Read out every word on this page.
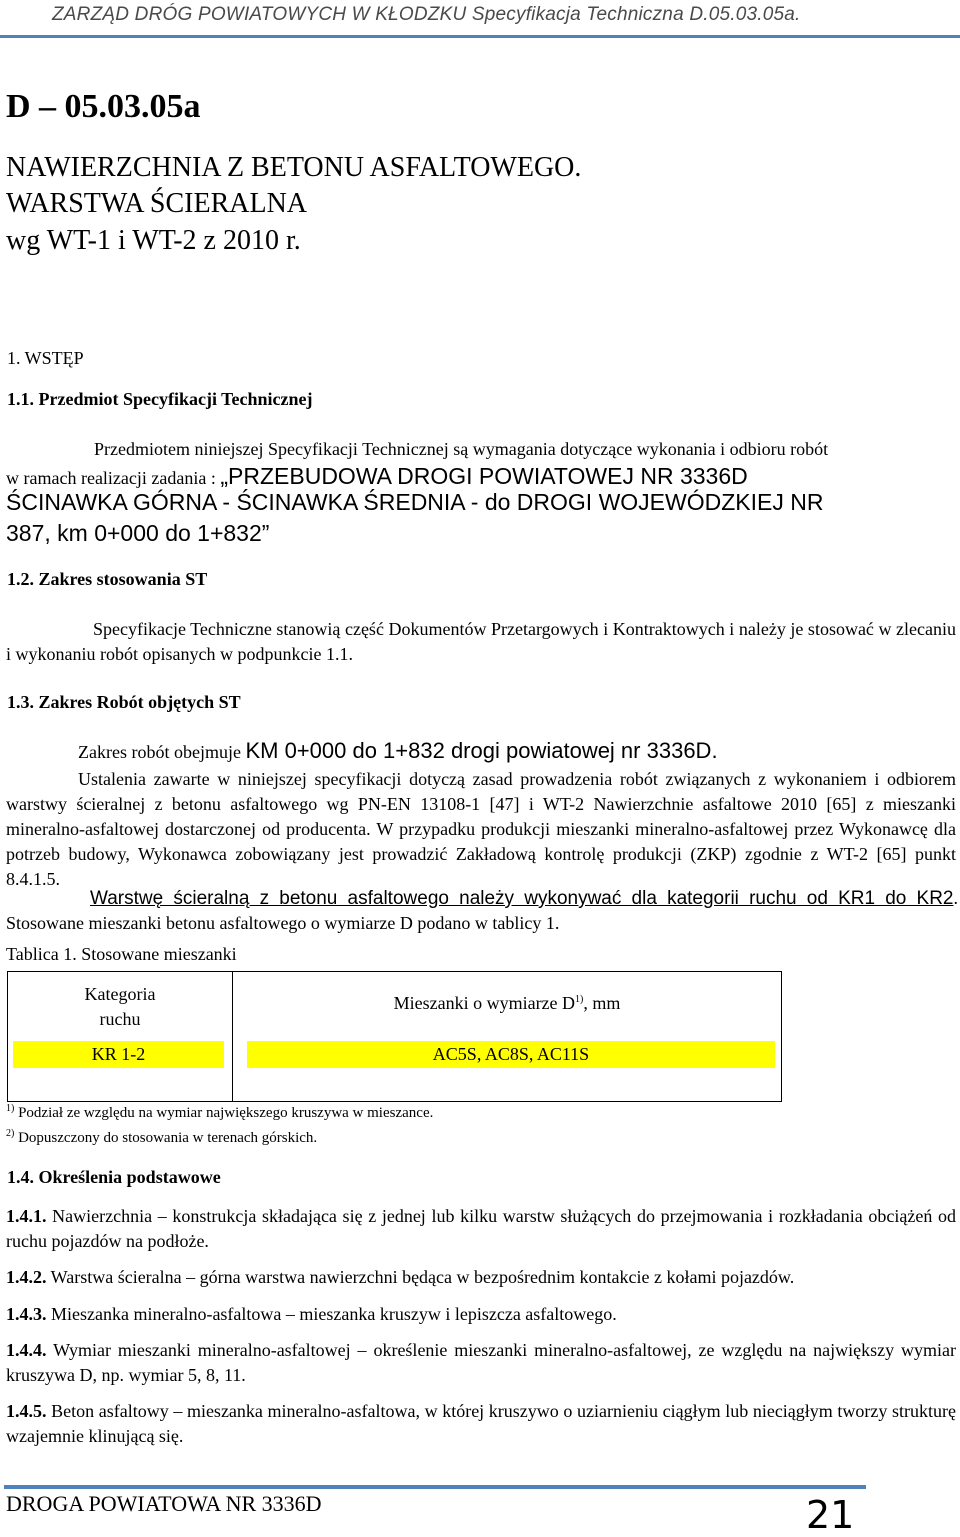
ZARZĄD DRÓG POWIATOWYCH W KŁODZKU Specyfikacja Techniczna D.05.03.05a.
D – 05.03.05a
NAWIERZCHNIA Z BETONU ASFALTOWEGO.
WARSTWA ŚCIERALNA
wg WT-1 i WT-2 z 2010 r.
1. WSTĘP
1.1. Przedmiot Specyfikacji Technicznej
Przedmiotem niniejszej Specyfikacji Technicznej są wymagania dotyczące wykonania i odbioru robót
w ramach realizacji zadania : „PRZEBUDOWA DROGI POWIATOWEJ NR 3336D
ŚCINAWKA GÓRNA - ŚCINAWKA ŚREDNIA - do DROGI WOJEWÓDZKIEJ NR
387, km 0+000 do 1+832”
1.2. Zakres stosowania ST
Specyfikacje Techniczne stanowią część Dokumentów Przetargowych i Kontraktowych i należy je stosować w zlecaniu i wykonaniu robót opisanych w podpunkcie 1.1.
1.3. Zakres Robót objętych ST
Zakres robót obejmuje KM 0+000 do 1+832 drogi powiatowej nr 3336D.
Ustalenia zawarte w niniejszej specyfikacji dotyczą zasad prowadzenia robót związanych z wykonaniem i odbiorem warstwy ścieralnej z betonu asfaltowego wg PN-EN 13108-1 [47] i WT-2 Nawierzchnie asfaltowe 2010 [65] z mieszanki mineralno-asfaltowej dostarczonej od producenta. W przypadku produkcji mieszanki mineralno-asfaltowej przez Wykonawcę dla potrzeb budowy, Wykonawca zobowiązany jest prowadzić Zakładową kontrolę produkcji (ZKP) zgodnie z WT-2 [65] punkt 8.4.1.5.
Warstwę ścieralną z betonu asfaltowego należy wykonywać dla kategorii ruchu od KR1 do KR2. Stosowane mieszanki betonu asfaltowego o wymiarze D podano w tablicy 1.
Tablica 1. Stosowane mieszanki
Kategoria
ruchu
Mieszanki o wymiarze $D^{1)}$, mm
KR 1-2	AC5S, AC8S, AC11S
$^{1)}$ Podział ze względu na wymiar największego kruszywa w mieszance.
$^{2)}$ Dopuszczony do stosowania w terenach górskich.
1.4. Określenia podstawowe
1.4.1. Nawierzchnia – konstrukcja składająca się z jednej lub kilku warstw służących do przejmowania i rozkładania obciążeń od ruchu pojazdów na podłoże.
1.4.2. Warstwa ścieralna – górna warstwa nawierzchni będąca w bezpośrednim kontakcie z kołami pojazdów.
1.4.3. Mieszanka mineralno-asfaltowa – mieszanka kruszyw i lepiszcza asfaltowego.
1.4.4. Wymiar mieszanki mineralno-asfaltowej – określenie mieszanki mineralno-asfaltowej, ze względu na największy wymiar kruszywa D, np. wymiar 5, 8, 11.
1.4.5. Beton asfaltowy – mieszanka mineralno-asfaltowa, w której kruszywo o uziarnieniu ciągłym lub nieciągłym tworzy strukturę wzajemnie klinującą się.
DROGA POWIATOWA NR 3336D	21
